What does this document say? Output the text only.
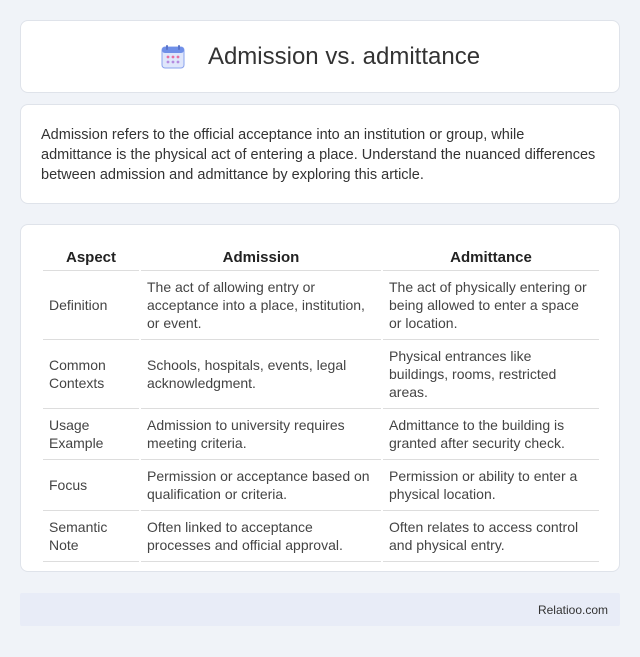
Admission vs. admittance

Admission refers to the official acceptance into an institution or group, while admittance is the physical act of entering a place. Understand the nuanced differences between admission and admittance by exploring this article.

Aspect	Admission	Admittance
Definition	The act of allowing entry or acceptance into a place, institution, or event.	The act of physically entering or being allowed to enter a space or location.
Common Contexts	Schools, hospitals, events, legal acknowledgment.	Physical entrances like buildings, rooms, restricted areas.
Usage Example	Admission to university requires meeting criteria.	Admittance to the building is granted after security check.
Focus	Permission or acceptance based on qualification or criteria.	Permission or ability to enter a physical location.
Semantic Note	Often linked to acceptance processes and official approval.	Often relates to access control and physical entry.
Relatioo.com
